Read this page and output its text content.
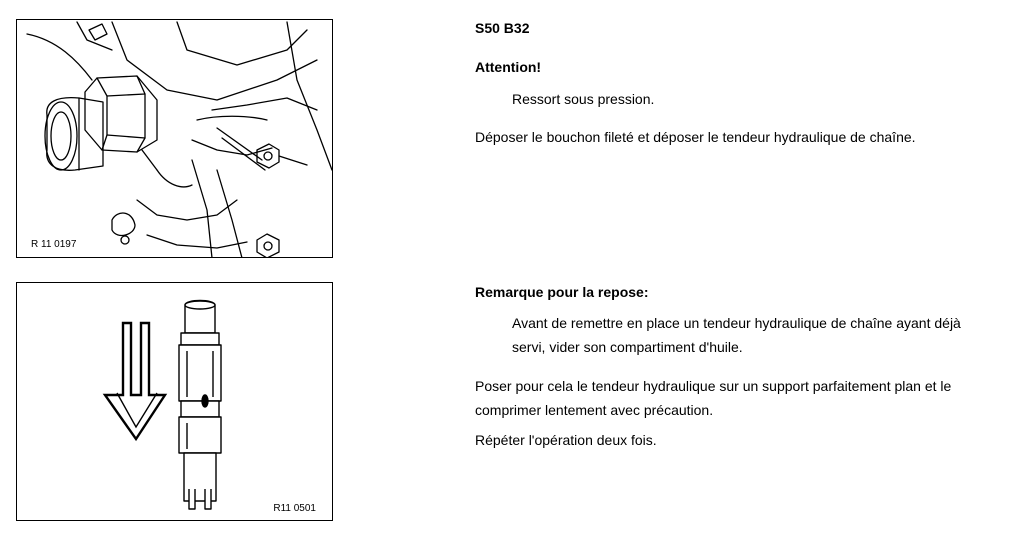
R 11 0197
R11 0501
S50 B32
Attention!
Ressort sous pression.
Déposer le bouchon fileté et déposer le tendeur hydraulique de chaîne.
Remarque pour la repose:
Avant de remettre en place un tendeur hydraulique de chaîne ayant déjà
servi, vider son compartiment d'huile.
Poser pour cela le tendeur hydraulique sur un support parfaitement plan et le
comprimer lentement avec précaution.
Répéter l'opération deux fois.
